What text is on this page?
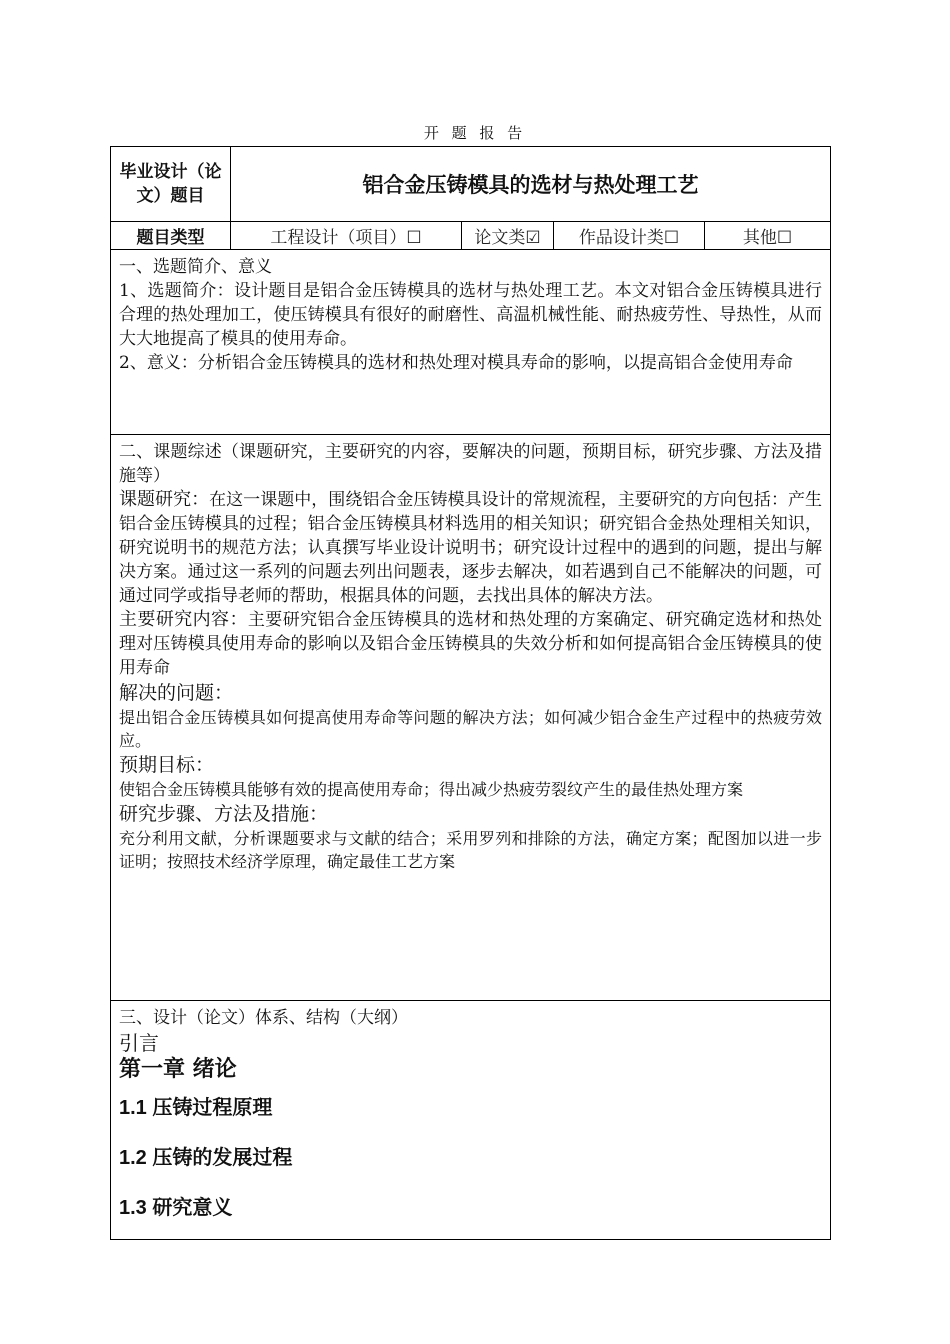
开 题 报 告
毕业设计（论文）题目	铝合金压铸模具的选材与热处理工艺
题目类型	工程设计（项目）☐	论文类☑	作品设计类☐	其他☐

一、选题简介、意义

1、选题简介：设计题目是铝合金压铸模具的选材与热处理工艺。本文对铝合金压铸模具进行合理的热处理加工，使压铸模具有很好的耐磨性、高温机械性能、耐热疲劳性、导热性，从而大大地提高了模具的使用寿命。

2、意义：分析铝合金压铸模具的选材和热处理对模具寿命的影响，以提高铝合金使用寿命

二、课题综述（课题研究，主要研究的内容，要解决的问题，预期目标，研究步骤、方法及措施等）

课题研究：在这一课题中，围绕铝合金压铸模具设计的常规流程，主要研究的方向包括：产生铝合金压铸模具的过程；铝合金压铸模具材料选用的相关知识；研究铝合金热处理相关知识，研究说明书的规范方法；认真撰写毕业设计说明书；研究设计过程中的遇到的问题，提出与解决方案。通过这一系列的问题去列出问题表，逐步去解决，如若遇到自己不能解决的问题，可通过同学或指导老师的帮助，根据具体的问题，去找出具体的解决方法。

主要研究内容：主要研究铝合金压铸模具的选材和热处理的方案确定、研究确定选材和热处理对压铸模具使用寿命的影响以及铝合金压铸模具的失效分析和如何提高铝合金压铸模具的使用寿命

解决的问题：

提出铝合金压铸模具如何提高使用寿命等问题的解决方法；如何减少铝合金生产过程中的热疲劳效应。

预期目标：

使铝合金压铸模具能够有效的提高使用寿命；得出减少热疲劳裂纹产生的最佳热处理方案

研究步骤、方法及措施：

充分利用文献，分析课题要求与文献的结合；采用罗列和排除的方法，确定方案；配图加以进一步证明；按照技术经济学原理，确定最佳工艺方案

三、设计（论文）体系、结构（大纲）

引言

第一章 绪论

1.1 压铸过程原理

1.2 压铸的发展过程

1.3 研究意义
